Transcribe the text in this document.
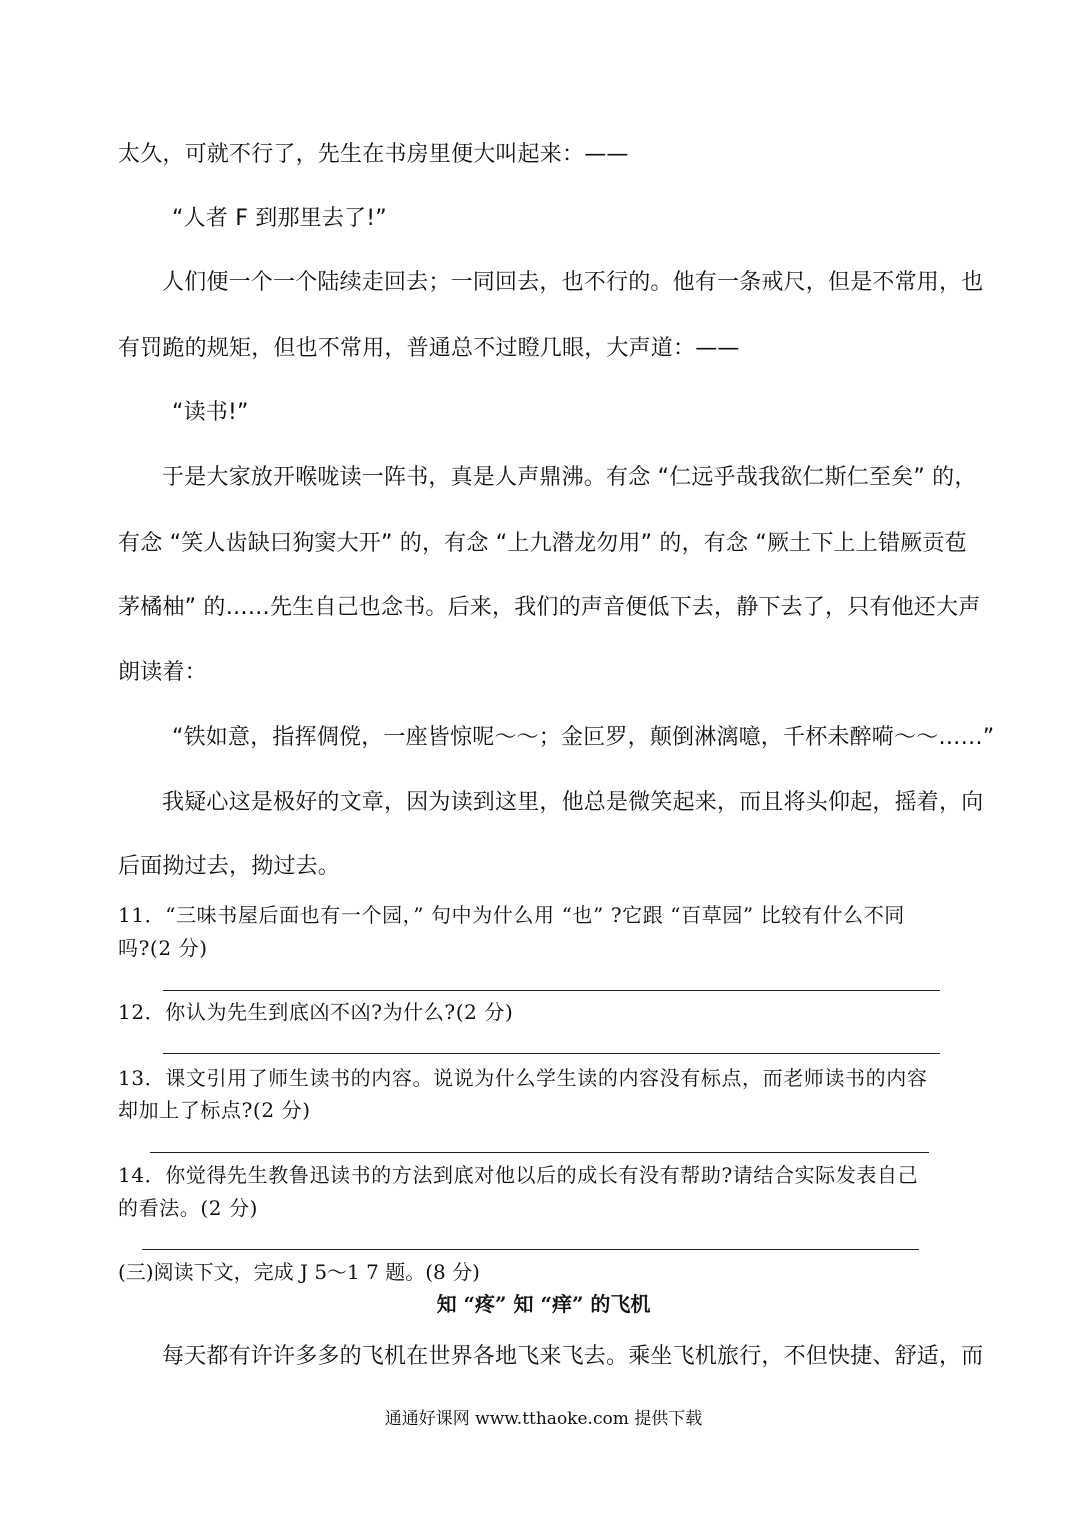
太久，可就不行了，先生在书房里便大叫起来：——
“人者 F 到那里去了!”
人们便一个一个陆续走回去；一同回去，也不行的。他有一条戒尺，但是不常用，也
有罚跪的规矩，但也不常用，普通总不过瞪几眼，大声道：——
“读书!”
于是大家放开喉咙读一阵书，真是人声鼎沸。有念 “仁远乎哉我欲仁斯仁至矣” 的，
有念 “笑人齿缺曰狗窦大开” 的，有念 “上九潜龙勿用” 的，有念 “厥土下上上错厥贡苞
茅橘柚” 的……先生自己也念书。后来，我们的声音便低下去，静下去了，只有他还大声
朗读着：
“铁如意，指挥倜傥，一座皆惊呢～～；金叵罗，颠倒淋漓噫，千杯未醉嗬～～……”
我疑心这是极好的文章，因为读到这里，他总是微笑起来，而且将头仰起，摇着，向
后面拗过去，拗过去。
11．“三味书屋后面也有一个园，” 句中为什么用 “也” ?它跟 “百草园” 比较有什么不同
吗?(2 分)
12．你认为先生到底凶不凶?为什么?(2 分)
13．课文引用了师生读书的内容。说说为什么学生读的内容没有标点，而老师读书的内容
却加上了标点?(2 分)
14．你觉得先生教鲁迅读书的方法到底对他以后的成长有没有帮助?请结合实际发表自己
的看法。(2 分)
(三)阅读下文，完成 J 5～1 7 题。(8 分)
知 “疼” 知 “痒” 的飞机
每天都有许许多多的飞机在世界各地飞来飞去。乘坐飞机旅行，不但快捷、舒适，而
通通好课网 www.tthaoke.com 提供下载
